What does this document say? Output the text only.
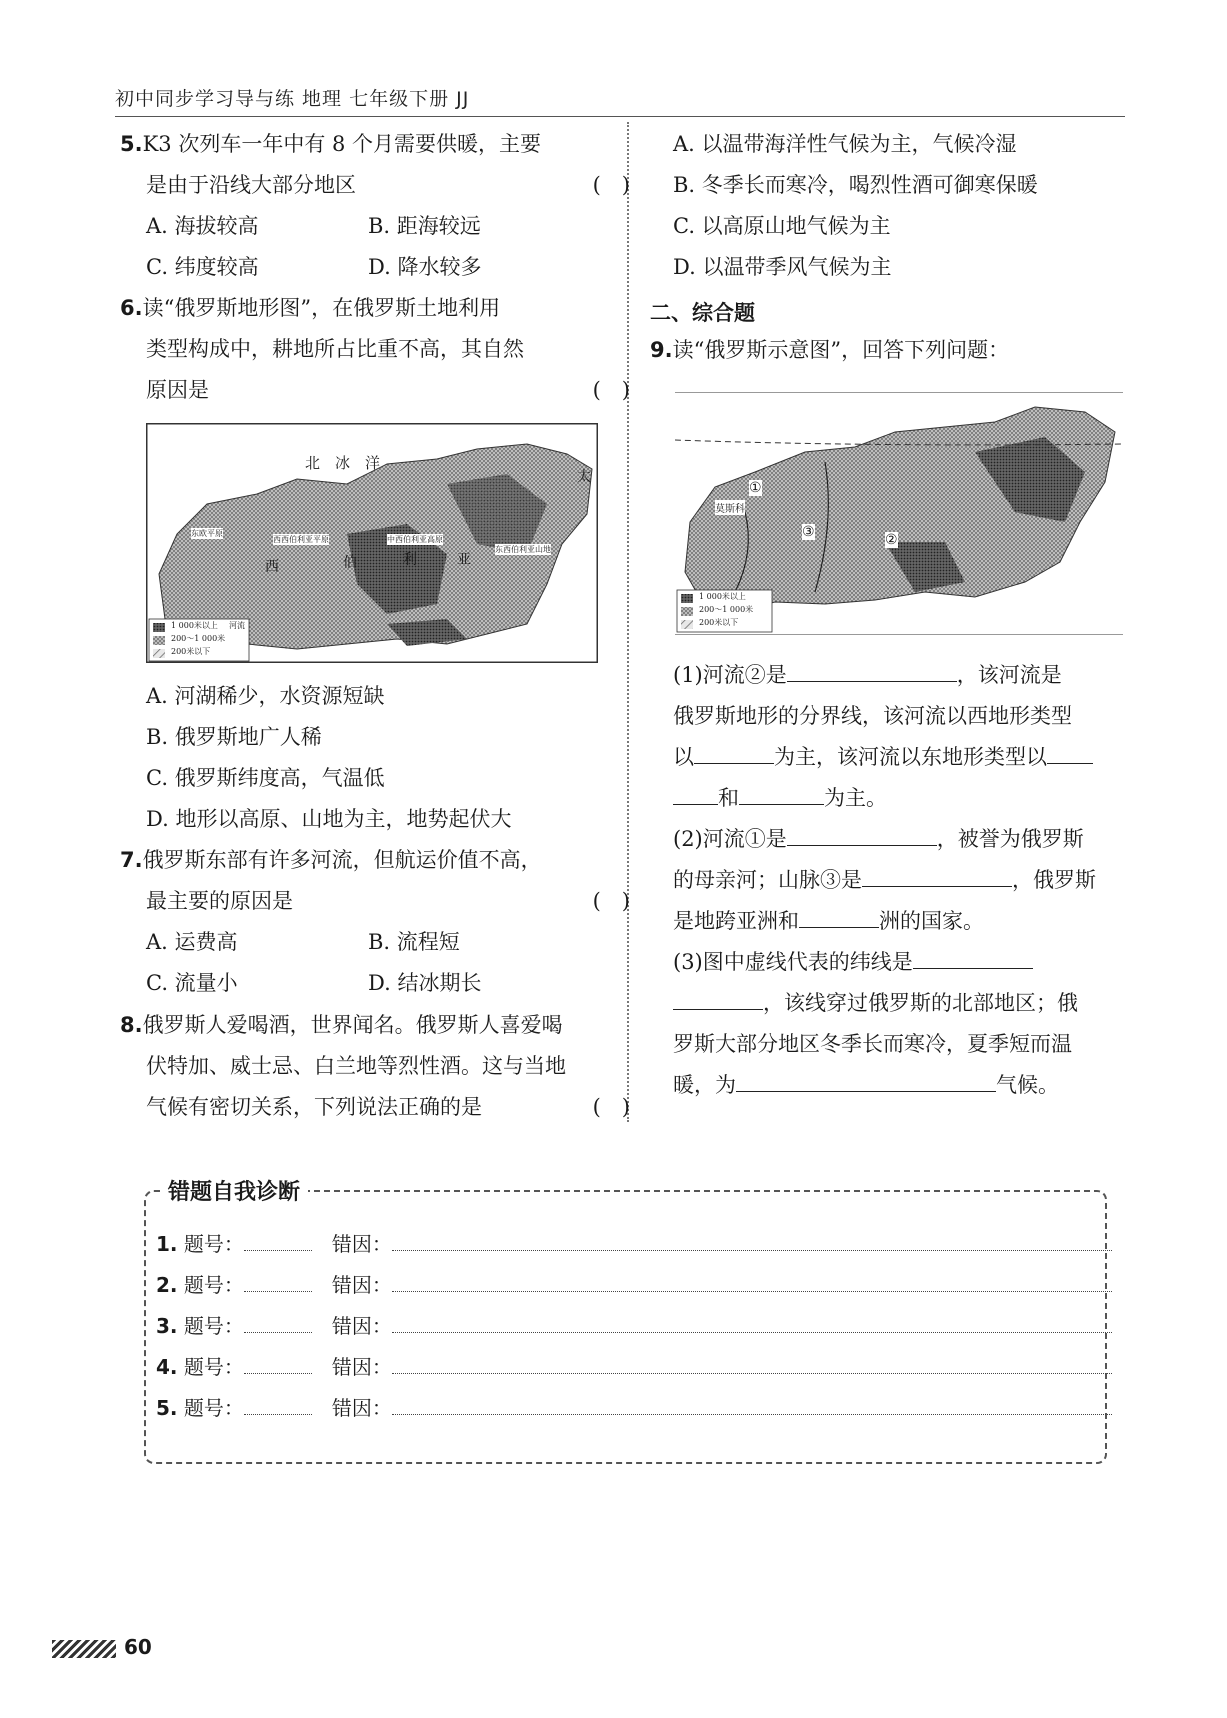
初中同步学习导与练 地理 七年级下册 JJ
5.K3 次列车一年中有 8 个月需要供暖，主要
是由于沿线大部分地区	(　)
A. 海拔较高	B. 距海较远
C. 纬度较高	D. 降水较多
6.读“俄罗斯地形图”，在俄罗斯土地利用
类型构成中，耕地所占比重不高，其自然
原因是	(　)
北　冰　洋
太
西	伯	利	亚
东欧平原
西西伯利亚平原	中西伯利亚高原
东西伯利亚山地
1 000米以上
200～1 000米
200米以下
河流
A. 河湖稀少，水资源短缺
B. 俄罗斯地广人稀
C. 俄罗斯纬度高，气温低
D. 地形以高原、山地为主，地势起伏大
7.俄罗斯东部有许多河流，但航运价值不高，
最主要的原因是	(　)
A. 运费高	B. 流程短
C. 流量小	D. 结冰期长
8.俄罗斯人爱喝酒，世界闻名。俄罗斯人喜爱喝
伏特加、威士忌、白兰地等烈性酒。这与当地
气候有密切关系，下列说法正确的是	(　)
A. 以温带海洋性气候为主，气候冷湿
B. 冬季长而寒冷，喝烈性酒可御寒保暖
C. 以高原山地气候为主
D. 以温带季风气候为主
二、综合题
9.读“俄罗斯示意图”，回答下列问题：
①
②
③
莫斯科
1 000米以上
200～1 000米
200米以下
(1)河流②是	，该河流是
俄罗斯地形的分界线，该河流以西地形类型
以	为主，该河流以东地形类型以
和	为主。
(2)河流①是	，被誉为俄罗斯
的母亲河；山脉③是	，俄罗斯
是地跨亚洲和	洲的国家。
(3)图中虚线代表的纬线是
，该线穿过俄罗斯的北部地区；俄
罗斯大部分地区冬季长而寒冷，夏季短而温
暖，为	气候。
错题自我诊断
1. 题号：　	错因：
2. 题号：　	错因：
3. 题号：　	错因：
4. 题号：　	错因：
5. 题号：　	错因：
60
